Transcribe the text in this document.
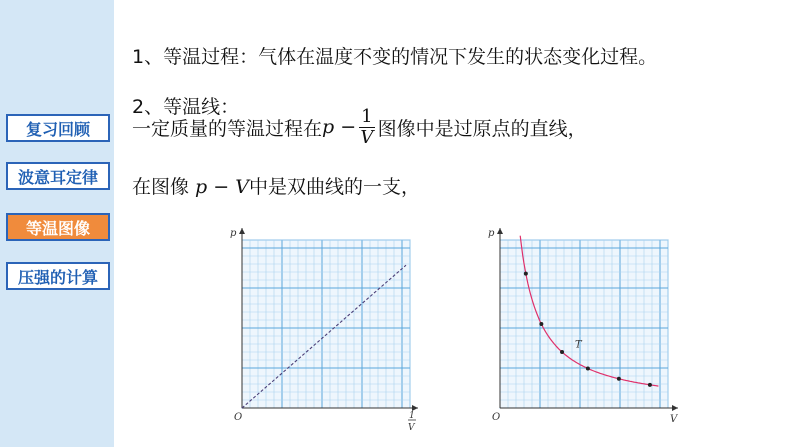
复习回顾
波意耳定律
等温图像
压强的计算
1、等温过程：气体在温度不变的情况下发生的状态变化过程。
2、等温线：
一定质量的等温过程在 $p - \frac{1}{V}$ 图像中是过原点的直线，
在图像 p − V中是双曲线的一支，
p
O	1
V
p
O	V
T
